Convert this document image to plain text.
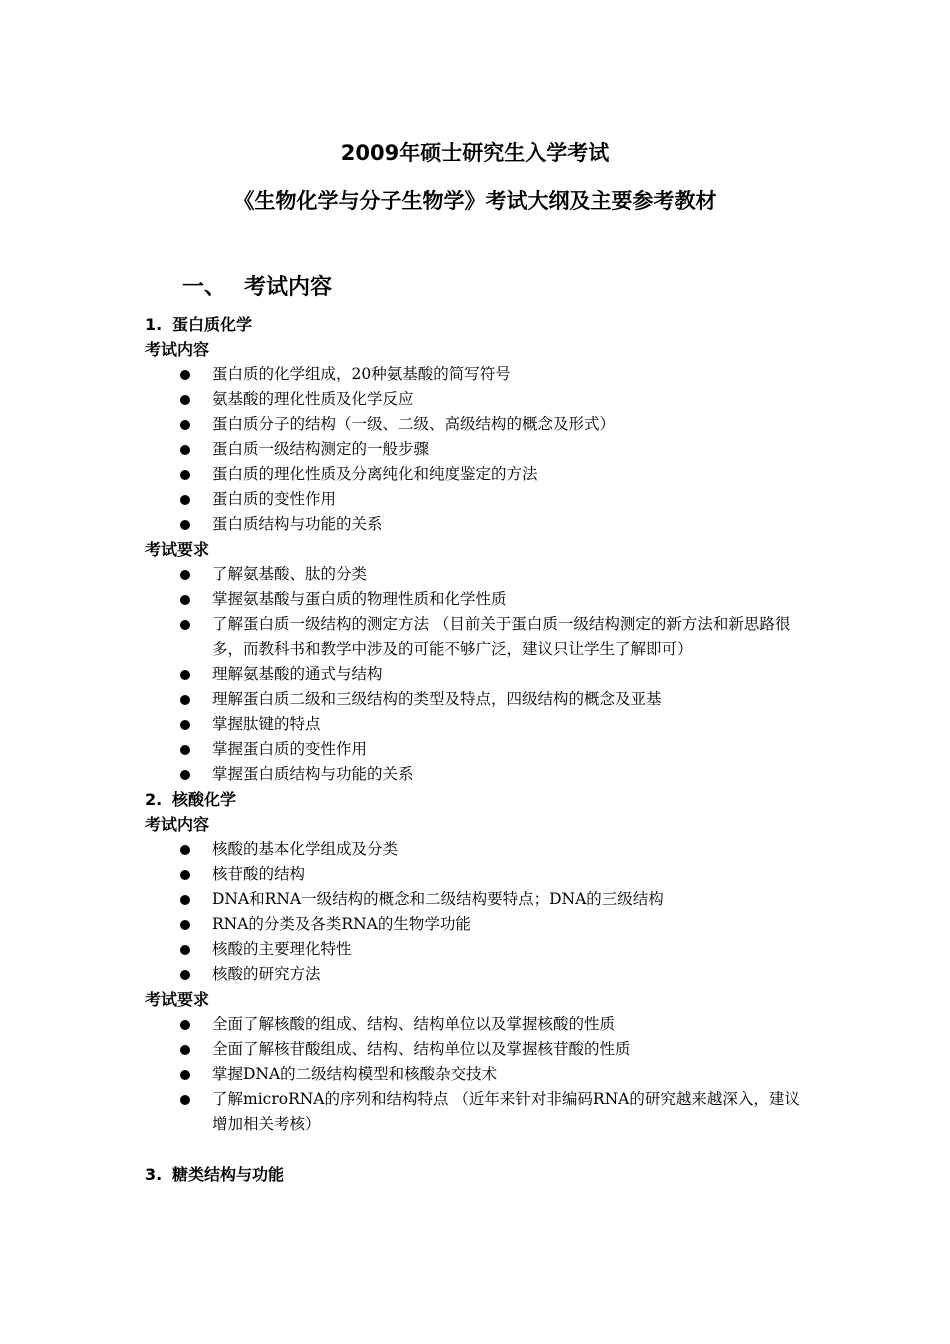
2009年硕士研究生入学考试
《生物化学与分子生物学》考试大纲及主要参考教材
一、 考试内容
1. 蛋白质化学
考试内容
蛋白质的化学组成，20种氨基酸的简写符号
氨基酸的理化性质及化学反应
蛋白质分子的结构（一级、二级、高级结构的概念及形式）
蛋白质一级结构测定的一般步骤
蛋白质的理化性质及分离纯化和纯度鉴定的方法
蛋白质的变性作用
蛋白质结构与功能的关系
考试要求
了解氨基酸、肽的分类
掌握氨基酸与蛋白质的物理性质和化学性质
了解蛋白质一级结构的测定方法 （目前关于蛋白质一级结构测定的新方法和新思路很多，而教科书和教学中涉及的可能不够广泛，建议只让学生了解即可）
理解氨基酸的通式与结构
理解蛋白质二级和三级结构的类型及特点，四级结构的概念及亚基
掌握肽键的特点
掌握蛋白质的变性作用
掌握蛋白质结构与功能的关系
2. 核酸化学
考试内容
核酸的基本化学组成及分类
核苷酸的结构
DNA和RNA一级结构的概念和二级结构要特点；DNA的三级结构
RNA的分类及各类RNA的生物学功能
核酸的主要理化特性
核酸的研究方法
考试要求
全面了解核酸的组成、结构、结构单位以及掌握核酸的性质
全面了解核苷酸组成、结构、结构单位以及掌握核苷酸的性质
掌握DNA的二级结构模型和核酸杂交技术
了解microRNA的序列和结构特点 （近年来针对非编码RNA的研究越来越深入，建议增加相关考核）
3. 糖类结构与功能
